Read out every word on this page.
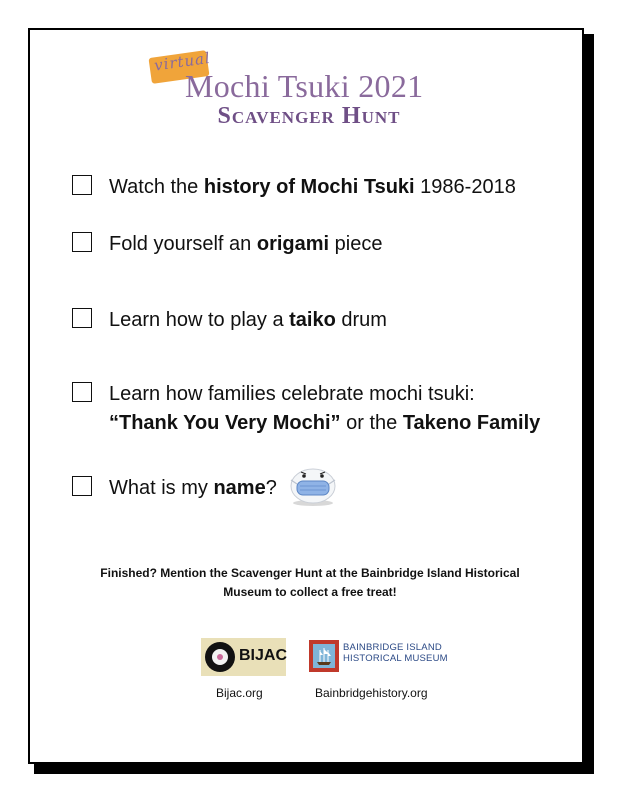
virtual
Mochi Tsuki 2021
Scavenger Hunt
Watch the history of Mochi Tsuki 1986-2018
Fold yourself an origami piece
Learn how to play a taiko drum
Learn how families celebrate mochi tsuki:
“Thank You Very Mochi” or the Takeno Family
What is my name?
Finished? Mention the Scavenger Hunt at the Bainbridge Island Historical
Museum to collect a free treat!
BIJAC	BAINBRIDGE ISLAND
HISTORICAL MUSEUM
Bijac.org	Bainbridgehistory.org
